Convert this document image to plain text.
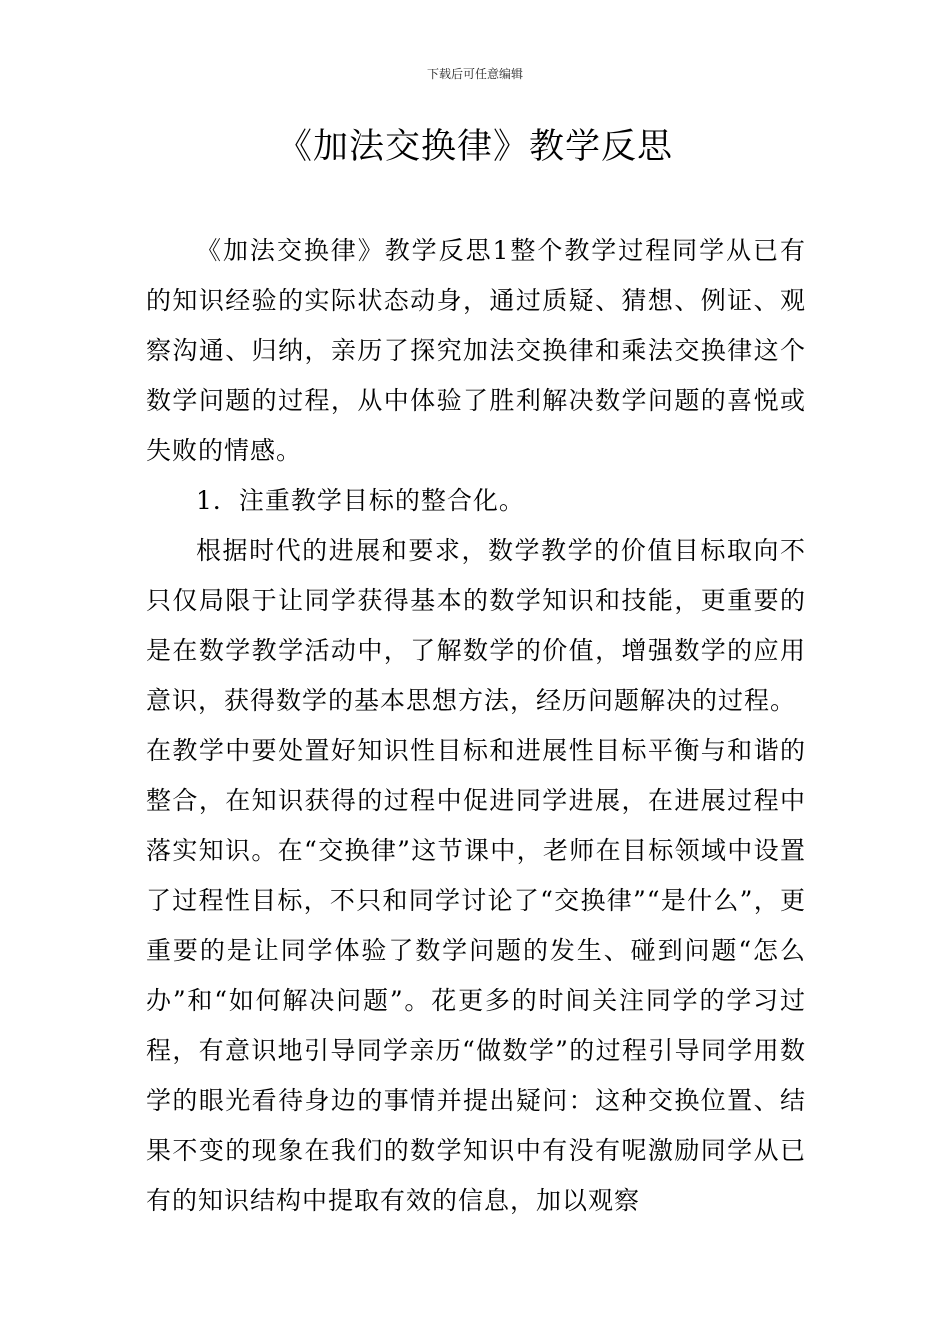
下载后可任意编辑
《加法交换律》教学反思

《加法交换律》教学反思1整个教学过程同学从已有的知识经验的实际状态动身，通过质疑、猜想、例证、观察沟通、归纳，亲历了探究加法交换律和乘法交换律这个数学问题的过程，从中体验了胜利解决数学问题的喜悦或失败的情感。

1．注重教学目标的整合化。

根据时代的进展和要求，数学教学的价值目标取向不只仅局限于让同学获得基本的数学知识和技能，更重要的是在数学教学活动中，了解数学的价值，增强数学的应用意识，获得数学的基本思想方法，经历问题解决的过程。

在教学中要处置好知识性目标和进展性目标平衡与和谐的整合，在知识获得的过程中促进同学进展，在进展过程中落实知识。在“交换律”这节课中，老师在目标领域中设置了过程性目标，不只和同学讨论了“交换律”“是什么”，更重要的是让同学体验了数学问题的发生、碰到问题“怎么办”和“如何解决问题”。花更多的时间关注同学的学习过程，有意识地引导同学亲历“做数学”的过程引导同学用数学的眼光看待身边的事情并提出疑问：这种交换位置、结果不变的现象在我们的数学知识中有没有呢激励同学从已有的知识结构中提取有效的信息，加以观察
